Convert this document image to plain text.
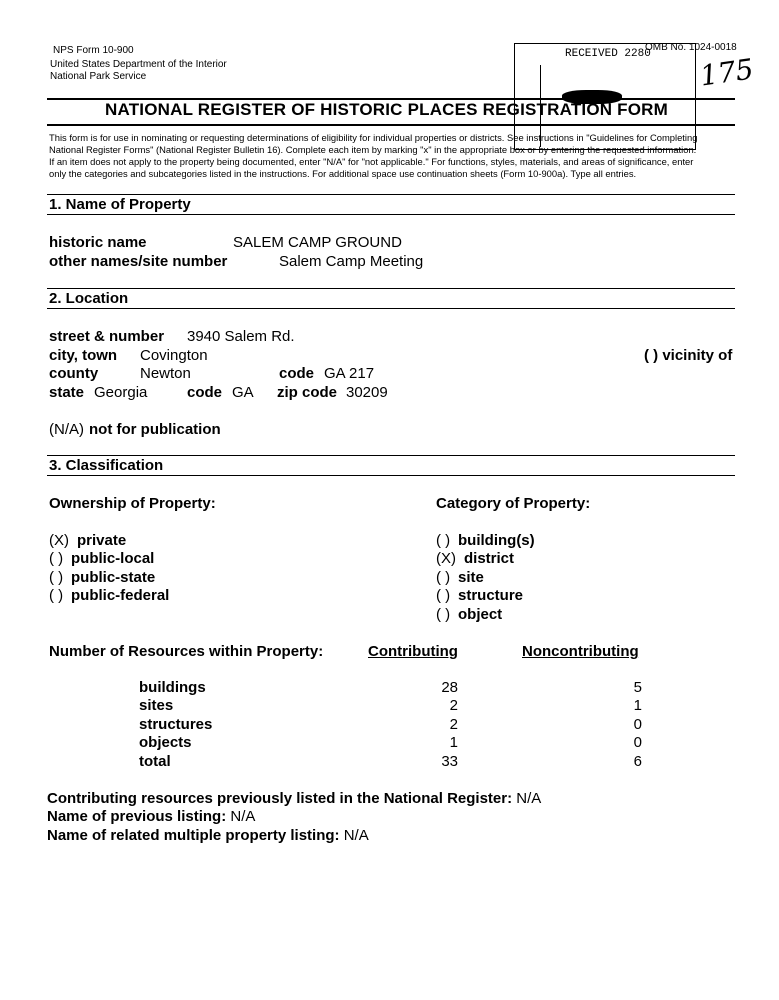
NPS Form 10-900
United States Department of the Interior
National Park Service
OMB No. 1024-0018
RECEIVED 2280 175
NATIONAL REGISTER OF HISTORIC PLACES REGISTRATION FORM
This form is for use in nominating or requesting determinations of eligibility for individual properties or districts. See instructions in "Guidelines for Completing
National Register Forms" (National Register Bulletin 16). Complete each item by marking "x" in the appropriate box or by entering the requested information.
If an item does not apply to the property being documented, enter "N/A" for "not applicable." For functions, styles, materials, and areas of significance, enter
only the categories and subcategories listed in the instructions. For additional space use continuation sheets (Form 10-900a). Type all entries.
1. Name of Property
historic name	SALEM CAMP GROUND
other names/site number	Salem Camp Meeting
2. Location
street & number 3940 Salem Rd.
city, town Covington	( ) vicinity of
county	Newton	code GA 217
state Georgia	code GA zip code 30209
(N/A) not for publication
3. Classification
Ownership of Property:	Category of Property:
(X) private
( ) public-local
( ) public-state
( ) public-federal
( ) building(s)
(X) district
( ) site
( ) structure
( ) object
Number of Resources within Property:	Contributing	Noncontributing
buildings	28	5
sites	2	1
structures	2	0
objects	1	0
total	33	6
Contributing resources previously listed in the National Register: N/A
Name of previous listing: N/A
Name of related multiple property listing: N/A
